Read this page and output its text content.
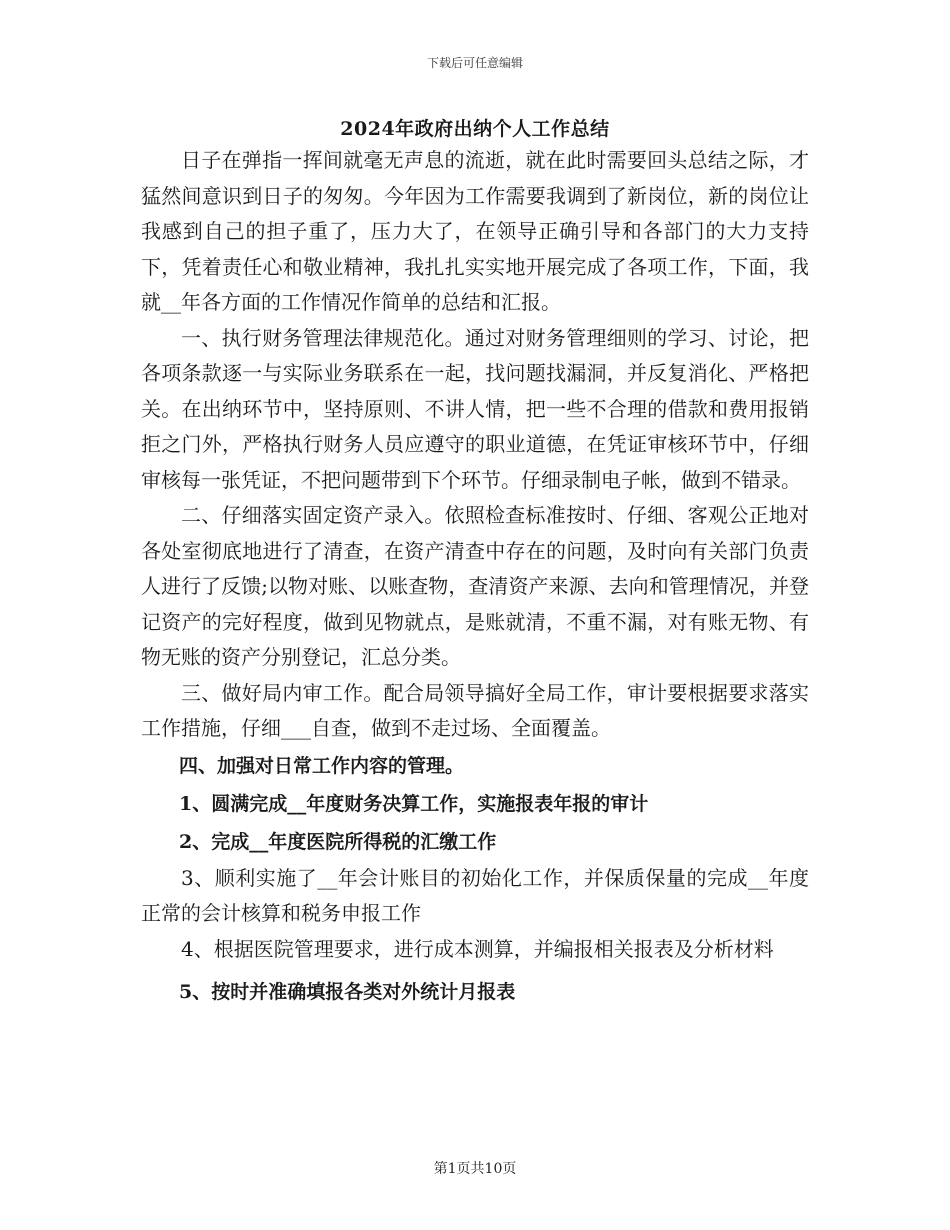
下载后可任意编辑
2024年政府出纳个人工作总结

日子在弹指一挥间就毫无声息的流逝，就在此时需要回头总结之际，才猛然间意识到日子的匆匆。今年因为工作需要我调到了新岗位，新的岗位让我感到自己的担子重了，压力大了，在领导正确引导和各部门的大力支持下，凭着责任心和敬业精神，我扎扎实实地开展完成了各项工作，下面，我就__年各方面的工作情况作简单的总结和汇报。

一、执行财务管理法律规范化。通过对财务管理细则的学习、讨论，把各项条款逐一与实际业务联系在一起，找问题找漏洞，并反复消化、严格把关。在出纳环节中，坚持原则、不讲人情，把一些不合理的借款和费用报销拒之门外，严格执行财务人员应遵守的职业道德，在凭证审核环节中，仔细审核每一张凭证，不把问题带到下个环节。仔细录制电子帐，做到不错录。

二、仔细落实固定资产录入。依照检查标准按时、仔细、客观公正地对各处室彻底地进行了清查，在资产清查中存在的问题，及时向有关部门负责人进行了反馈;以物对账、以账查物，查清资产来源、去向和管理情况，并登记资产的完好程度，做到见物就点，是账就清，不重不漏，对有账无物、有物无账的资产分别登记，汇总分类。

三、做好局内审工作。配合局领导搞好全局工作，审计要根据要求落实工作措施，仔细___自查，做到不走过场、全面覆盖。

四、加强对日常工作内容的管理。

1、圆满完成__年度财务决算工作，实施报表年报的审计

2、完成__年度医院所得税的汇缴工作

3、顺利实施了__年会计账目的初始化工作，并保质保量的完成__年度正常的会计核算和税务申报工作

4、根据医院管理要求，进行成本测算，并编报相关报表及分析材料

5、按时并准确填报各类对外统计月报表

第1页共10页
